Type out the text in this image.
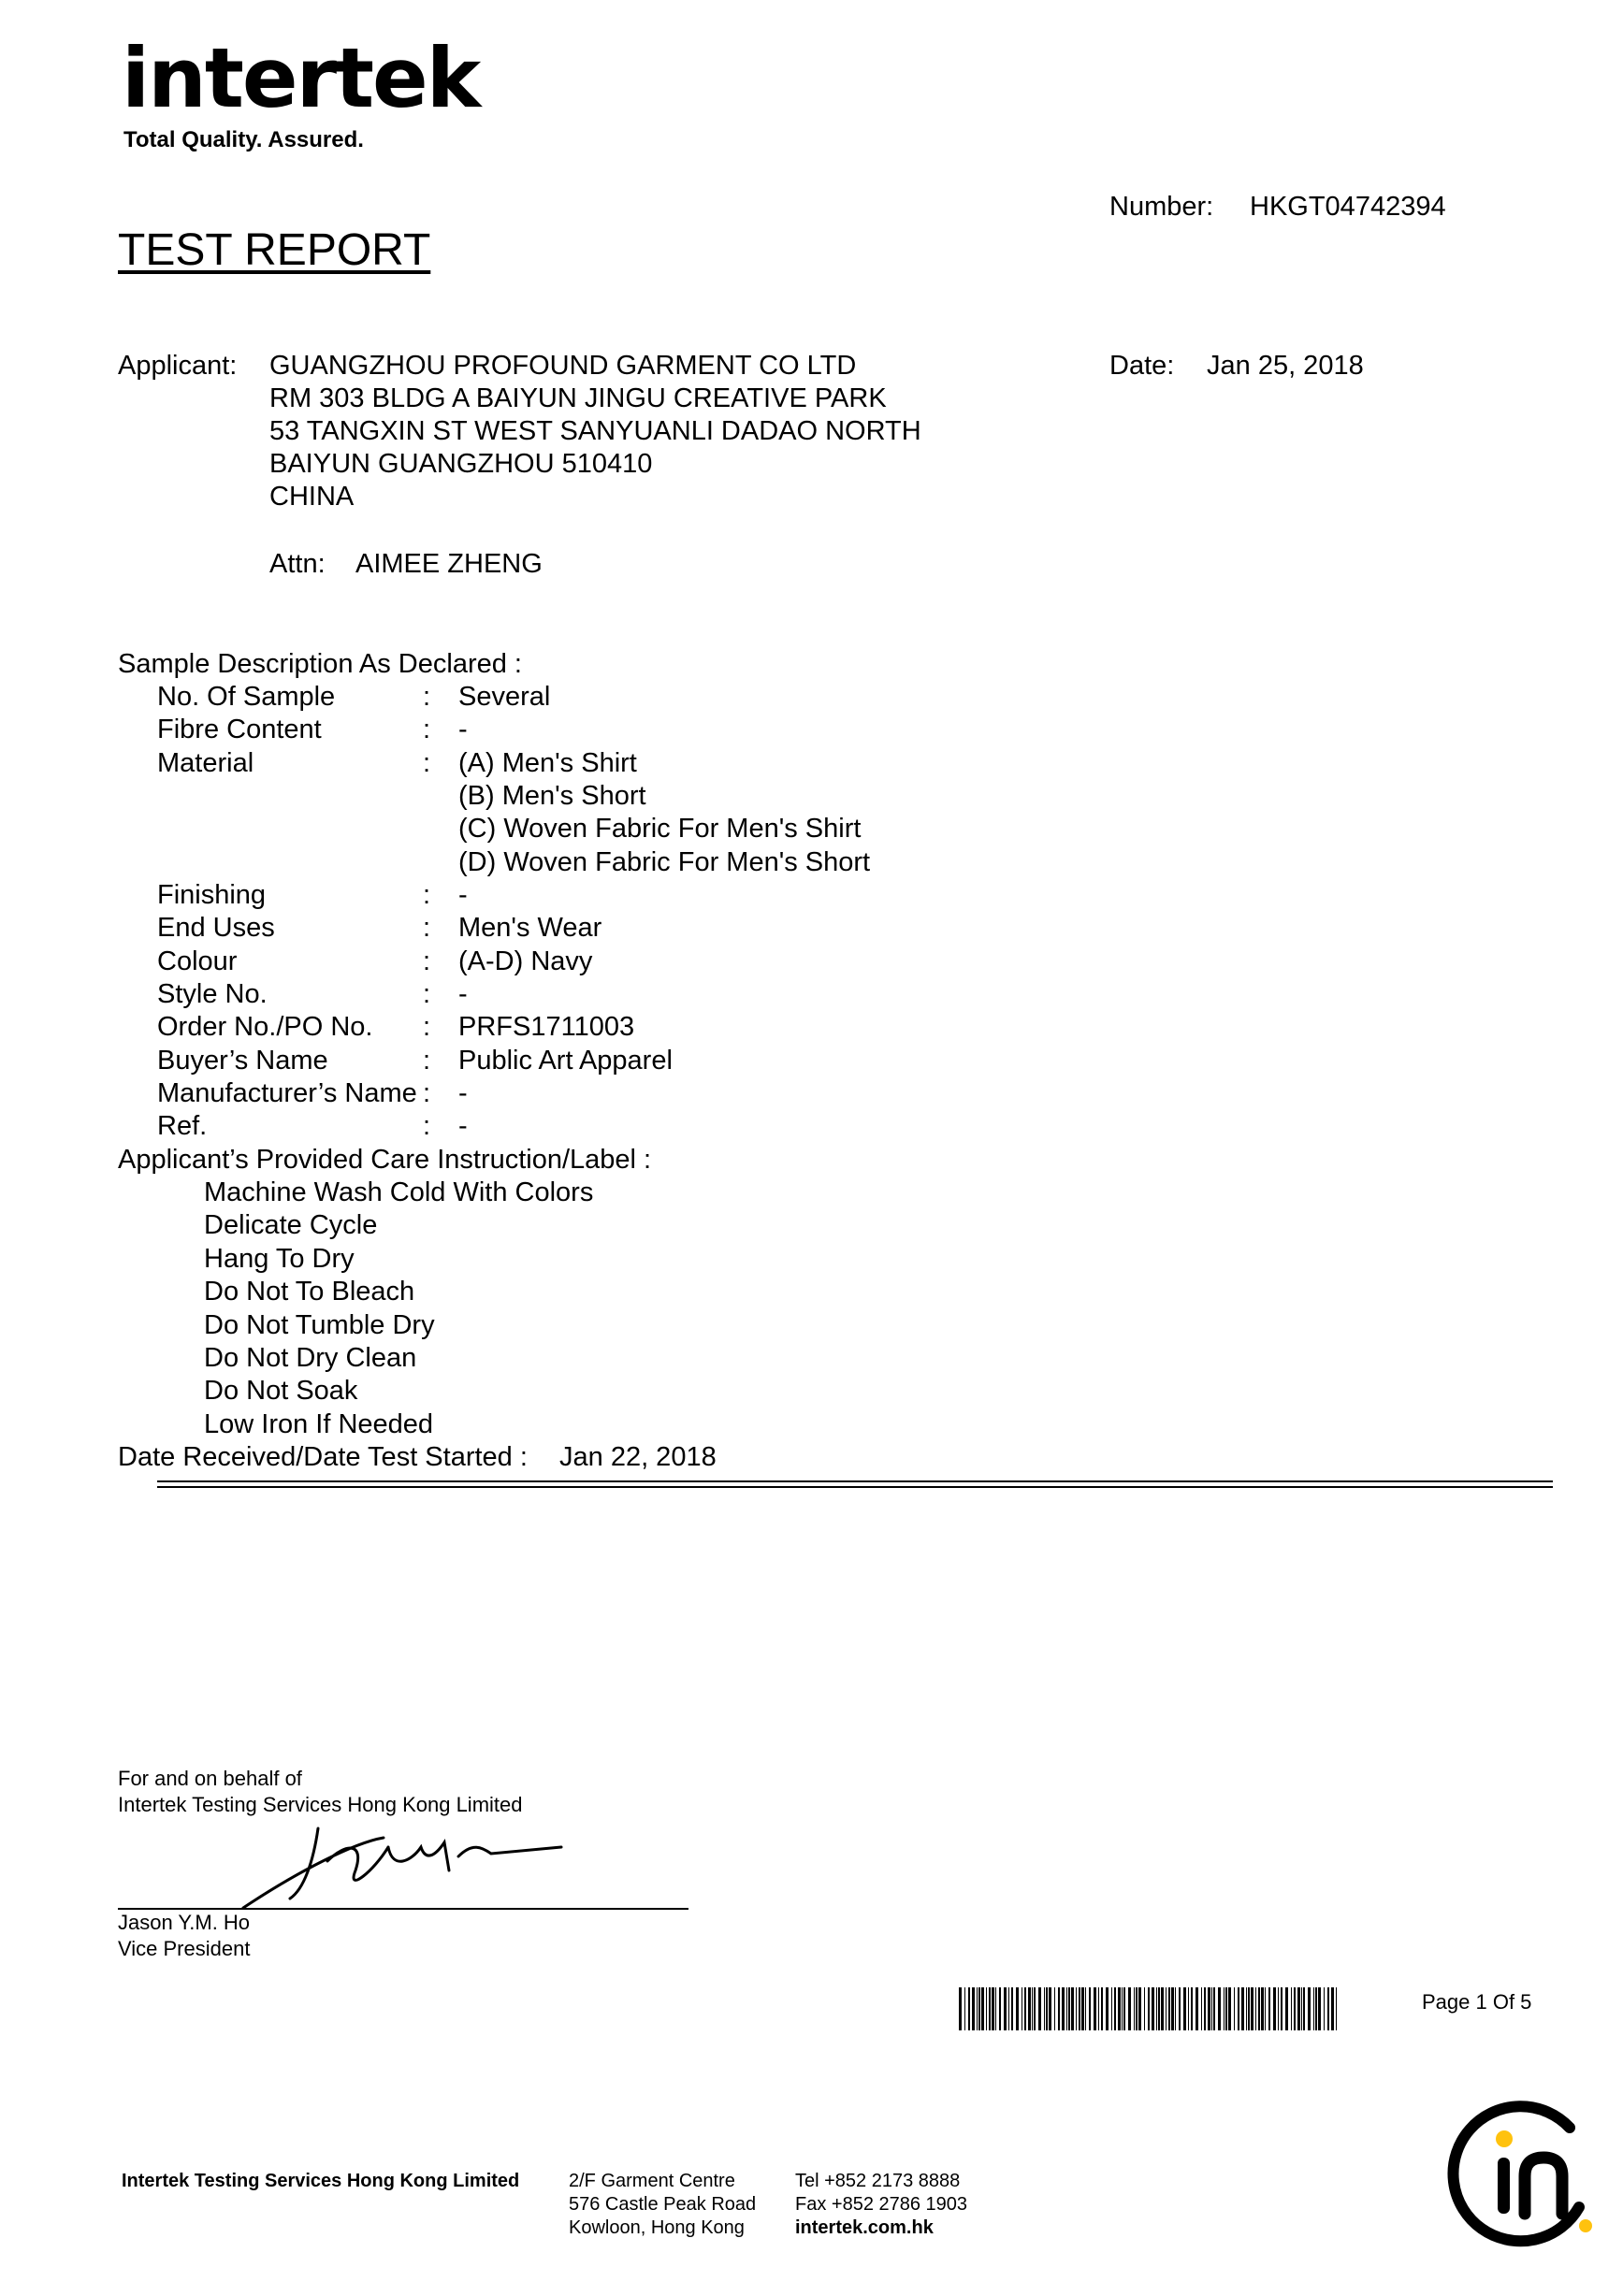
intertek
Total Quality. Assured.
Number: HKGT04742394
TEST REPORT
Applicant: GUANGZHOU PROFOUND GARMENT CO LTD
RM 303 BLDG A BAIYUN JINGU CREATIVE PARK
53 TANGXIN ST WEST SANYUANLI DADAO NORTH
BAIYUN GUANGZHOU 510410
CHINA
Date: Jan 25, 2018
Attn: AIMEE ZHENG
Sample Description As Declared :
No. Of Sample	: Several
Fibre Content	: -
Material	: (A) Men's Shirt
(B) Men's Short
(C) Woven Fabric For Men's Shirt
(D) Woven Fabric For Men's Short
Finishing	: -
End Uses	: Men's Wear
Colour	: (A-D) Navy
Style No.	: -
Order No./PO No. : PRFS1711003
Buyer’s Name	: Public Art Apparel
Manufacturer’s Name : -
Ref.	: -
Applicant’s Provided Care Instruction/Label :
Machine Wash Cold With Colors
Delicate Cycle
Hang To Dry
Do Not To Bleach
Do Not Tumble Dry
Do Not Dry Clean
Do Not Soak
Low Iron If Needed
Date Received/Date Test Started : Jan 22, 2018
For and on behalf of
Intertek Testing Services Hong Kong Limited
Jason Y.M. Ho
Vice President
Page 1 Of 5
Intertek Testing Services Hong Kong Limited	2/F Garment Centre
576 Castle Peak Road
Kowloon, Hong Kong
Tel +852 2173 8888
Fax +852 2786 1903
intertek.com.hk
